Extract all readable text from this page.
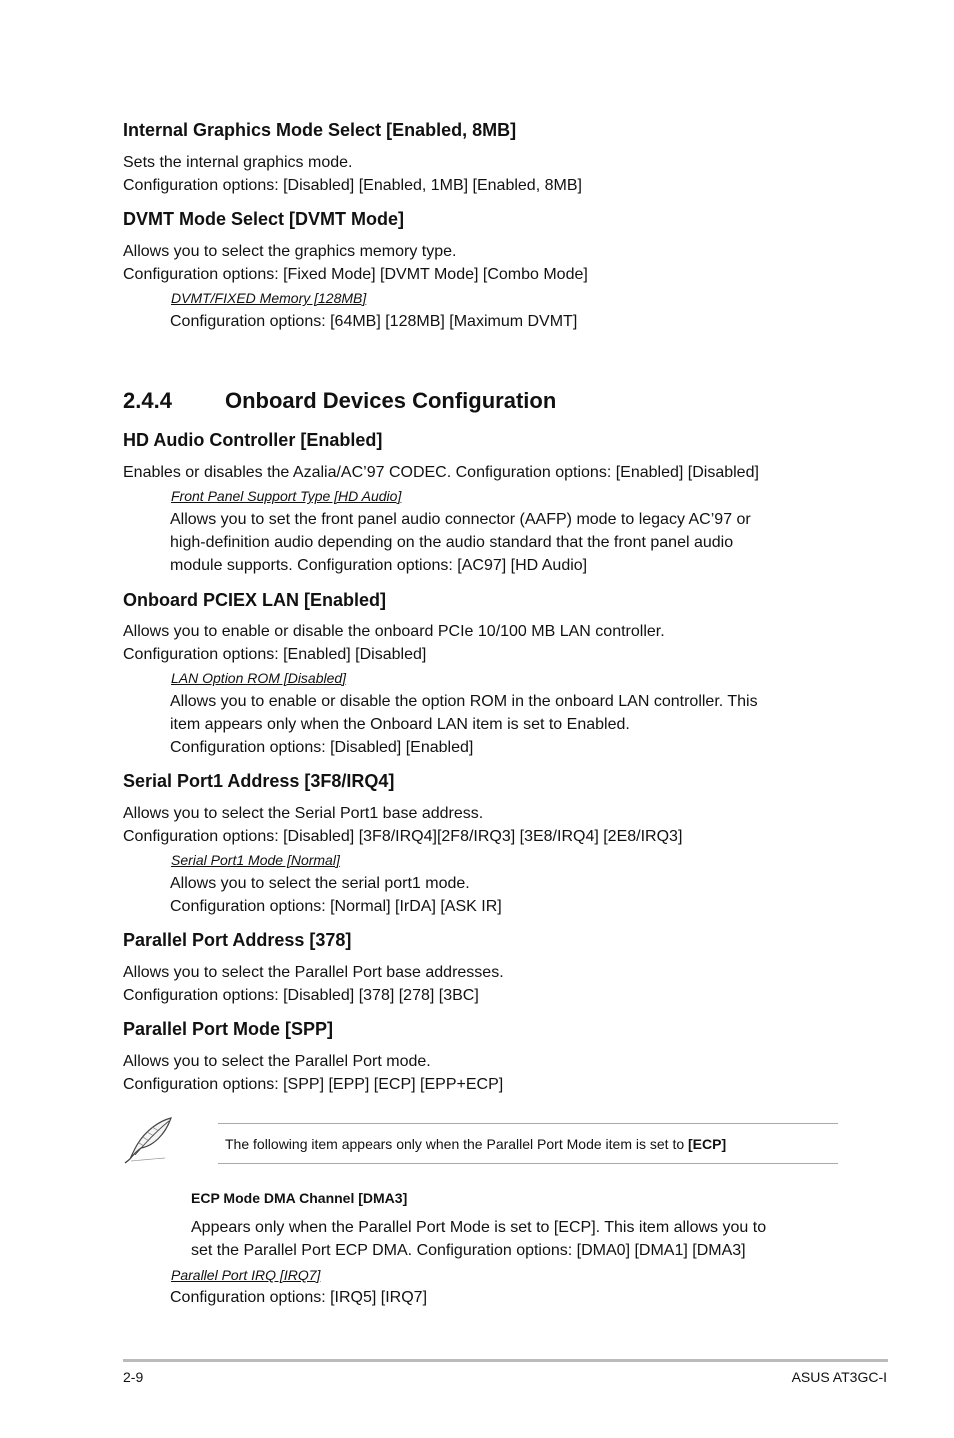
Internal Graphics Mode Select [Enabled, 8MB]
Sets the internal graphics mode.
Configuration options: [Disabled] [Enabled, 1MB] [Enabled, 8MB]
DVMT Mode Select [DVMT Mode]
Allows you to select the graphics memory type.
Configuration options: [Fixed Mode] [DVMT Mode] [Combo Mode]
DVMT/FIXED Memory [128MB]
Configuration options: [64MB] [128MB] [Maximum DVMT]
2.4.4 Onboard Devices Configuration
HD Audio Controller [Enabled]
Enables or disables the Azalia/AC’97 CODEC. Configuration options: [Enabled] [Disabled]
Front Panel Support Type [HD Audio]
Allows you to set the front panel audio connector (AAFP) mode to legacy AC’97 or
high-definition audio depending on the audio standard that the front panel audio
module supports. Configuration options: [AC97] [HD Audio]
Onboard PCIEX LAN [Enabled]
Allows you to enable or disable the onboard PCIe 10/100 MB LAN controller.
Configuration options: [Enabled] [Disabled]
LAN Option ROM [Disabled]
Allows you to enable or disable the option ROM in the onboard LAN controller. This
item appears only when the Onboard LAN item is set to Enabled.
Configuration options: [Disabled] [Enabled]
Serial Port1 Address [3F8/IRQ4]
Allows you to select the Serial Port1 base address.
Configuration options: [Disabled] [3F8/IRQ4][2F8/IRQ3] [3E8/IRQ4] [2E8/IRQ3]
Serial Port1 Mode [Normal]
Allows you to select the serial port1 mode.
Configuration options: [Normal] [IrDA] [ASK IR]
Parallel Port Address [378]
Allows you to select the Parallel Port base addresses.
Configuration options: [Disabled] [378] [278] [3BC]
Parallel Port Mode [SPP]
Allows you to select the Parallel Port mode.
Configuration options: [SPP] [EPP] [ECP] [EPP+ECP]
The following item appears only when the Parallel Port Mode item is set to [ECP]
ECP Mode DMA Channel [DMA3]
Appears only when the Parallel Port Mode is set to [ECP]. This item allows you to
set the Parallel Port ECP DMA. Configuration options: [DMA0] [DMA1] [DMA3]
Parallel Port IRQ [IRQ7]
Configuration options: [IRQ5] [IRQ7]
2-9	ASUS AT3GC-I
